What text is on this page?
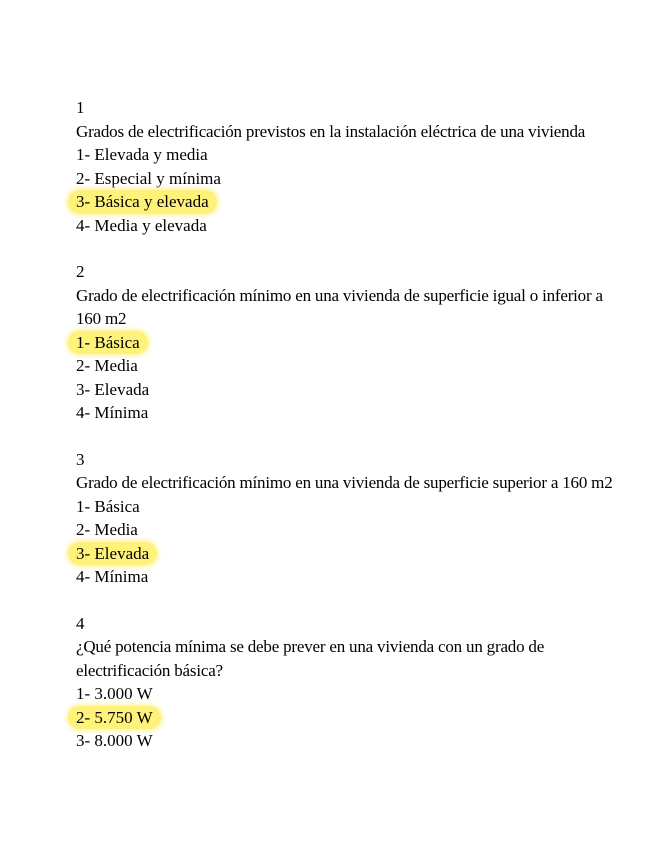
1
Grados de electrificación previstos en la instalación eléctrica de una vivienda
1- Elevada y media
2- Especial y mínima
3- Básica y elevada
4- Media y elevada
2
Grado de electrificación mínimo en una vivienda de superficie igual o inferior a 160 m2
1- Básica
2- Media
3- Elevada
4- Mínima
3
Grado de electrificación mínimo en una vivienda de superficie superior a 160 m2
1- Básica
2- Media
3- Elevada
4- Mínima
4
¿Qué potencia mínima se debe prever en una vivienda con un grado de electrificación básica?
1- 3.000 W
2- 5.750 W
3- 8.000 W
